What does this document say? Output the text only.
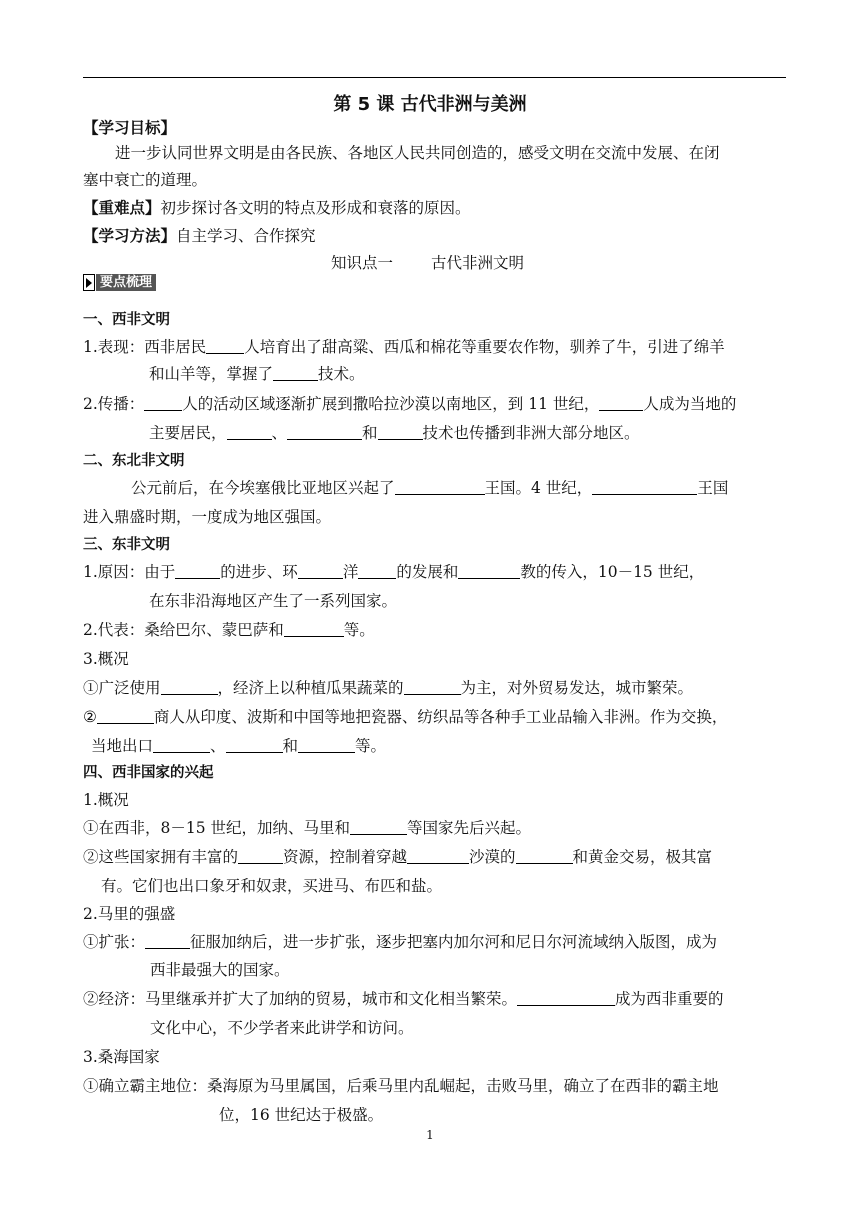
第 5 课 古代非洲与美洲
【学习目标】
进一步认同世界文明是由各民族、各地区人民共同创造的，感受文明在交流中发展、在闭
塞中衰亡的道理。
【重难点】初步探讨各文明的特点及形成和衰落的原因。
【学习方法】自主学习、合作探究
知识点一 古代非洲文明
要点梳理
一、西非文明
1.表现：西非居民 人培育出了甜高粱、西瓜和棉花等重要农作物，驯养了牛，引进了绵羊
和山羊等，掌握了	技术。
2.传播： 人的活动区域逐渐扩展到撒哈拉沙漠以南地区，到 11 世纪，	人成为当地的
主要居民，	、	和	技术也传播到非洲大部分地区。
二、东北非文明
公元前后，在今埃塞俄比亚地区兴起了	王国。4 世纪，	王国
进入鼎盛时期，一度成为地区强国。
三、东非文明
1.原因：由于	的进步、环	洋 的发展和	教的传入，10－15 世纪，
在东非沿海地区产生了一系列国家。
2.代表：桑给巴尔、蒙巴萨和	等。
3.概况
①广泛使用	，经济上以种植瓜果蔬菜的	为主，对外贸易发达，城市繁荣。
②	商人从印度、波斯和中国等地把瓷器、纺织品等各种手工业品输入非洲。作为交换，
当地出口	、	和	等。
四、西非国家的兴起
1.概况
①在西非，8－15 世纪，加纳、马里和	等国家先后兴起。
②这些国家拥有丰富的	资源，控制着穿越	沙漠的	和黄金交易，极其富
有。它们也出口象牙和奴隶，买进马、布匹和盐。
2.马里的强盛
①扩张：	征服加纳后，进一步扩张，逐步把塞内加尔河和尼日尔河流域纳入版图，成为
西非最强大的国家。
②经济：马里继承并扩大了加纳的贸易，城市和文化相当繁荣。	成为西非重要的
文化中心，不少学者来此讲学和访问。
3.桑海国家
①确立霸主地位：桑海原为马里属国，后乘马里内乱崛起，击败马里，确立了在西非的霸主地
位，16 世纪达于极盛。
1
